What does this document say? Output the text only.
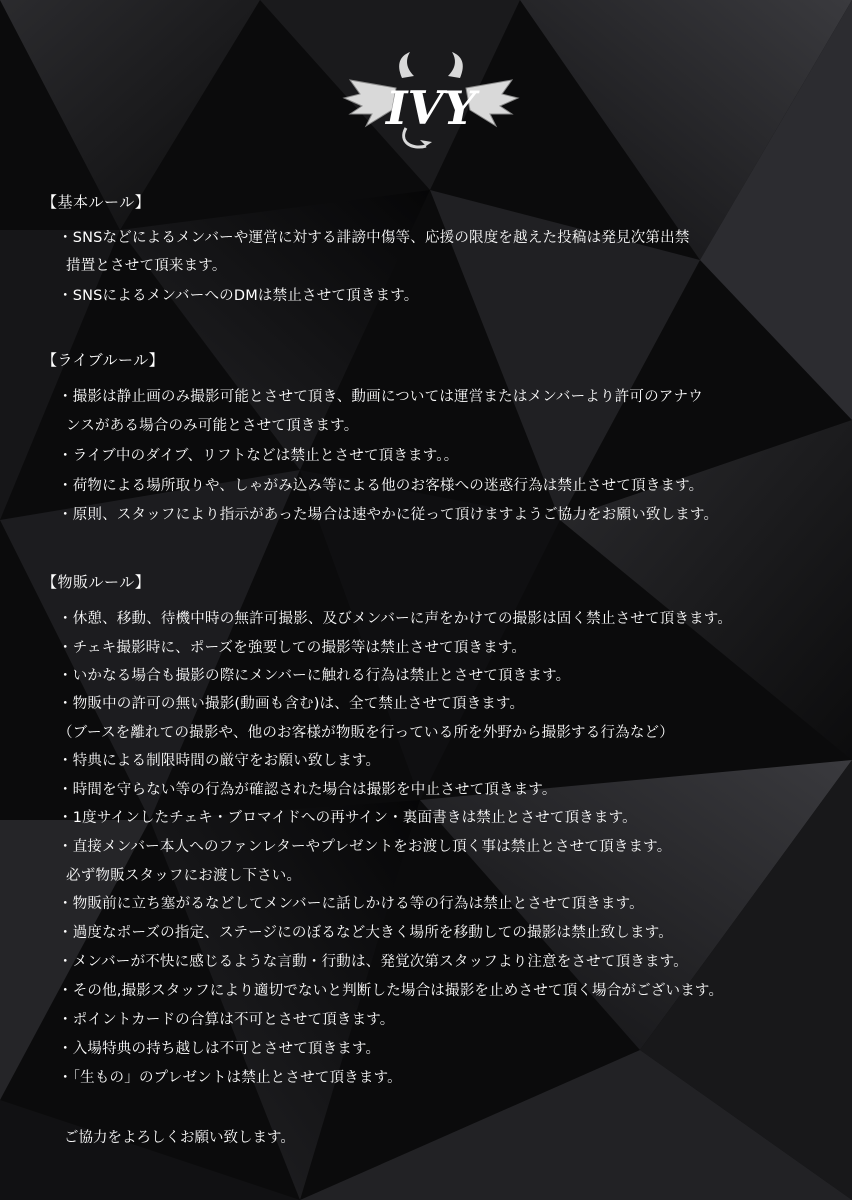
IVY
【基本ルール】
・SNSなどによるメンバーや運営に対する誹謗中傷等、応援の限度を越えた投稿は発見次第出禁
措置とさせて頂来ます。
・SNSによるメンバーへのDMは禁止させて頂きます。
【ライブルール】
・撮影は静止画のみ撮影可能とさせて頂き、動画については運営またはメンバーより許可のアナウ
ンスがある場合のみ可能とさせて頂きます。
・ライブ中のダイブ、リフトなどは禁止とさせて頂きます。。
・荷物による場所取りや、しゃがみ込み等による他のお客様への迷惑行為は禁止させて頂きます。
・原則、スタッフにより指示があった場合は速やかに従って頂けますようご協力をお願い致します。
【物販ルール】
・休憩、移動、待機中時の無許可撮影、及びメンバーに声をかけての撮影は固く禁止させて頂きます。
・チェキ撮影時に、ポーズを強要しての撮影等は禁止させて頂きます。
・いかなる場合も撮影の際にメンバーに触れる行為は禁止とさせて頂きます。
・物販中の許可の無い撮影(動画も含む)は、全て禁止させて頂きます。
（ブースを離れての撮影や、他のお客様が物販を行っている所を外野から撮影する行為など）
・特典による制限時間の厳守をお願い致します。
・時間を守らない等の行為が確認された場合は撮影を中止させて頂きます。
・1度サインしたチェキ・ブロマイドへの再サイン・裏面書きは禁止とさせて頂きます。
・直接メンバー本人へのファンレターやプレゼントをお渡し頂く事は禁止とさせて頂きます。
必ず物販スタッフにお渡し下さい。
・物販前に立ち塞がるなどしてメンバーに話しかける等の行為は禁止とさせて頂きます。
・過度なポーズの指定、ステージにのぼるなど大きく場所を移動しての撮影は禁止致します。
・メンバーが不快に感じるような言動・行動は、発覚次第スタッフより注意をさせて頂きます。
・その他,撮影スタッフにより適切でないと判断した場合は撮影を止めさせて頂く場合がございます。
・ポイントカードの合算は不可とさせて頂きます。
・入場特典の持ち越しは不可とさせて頂きます。
・「生もの」のプレゼントは禁止とさせて頂きます。
ご協力をよろしくお願い致します。
